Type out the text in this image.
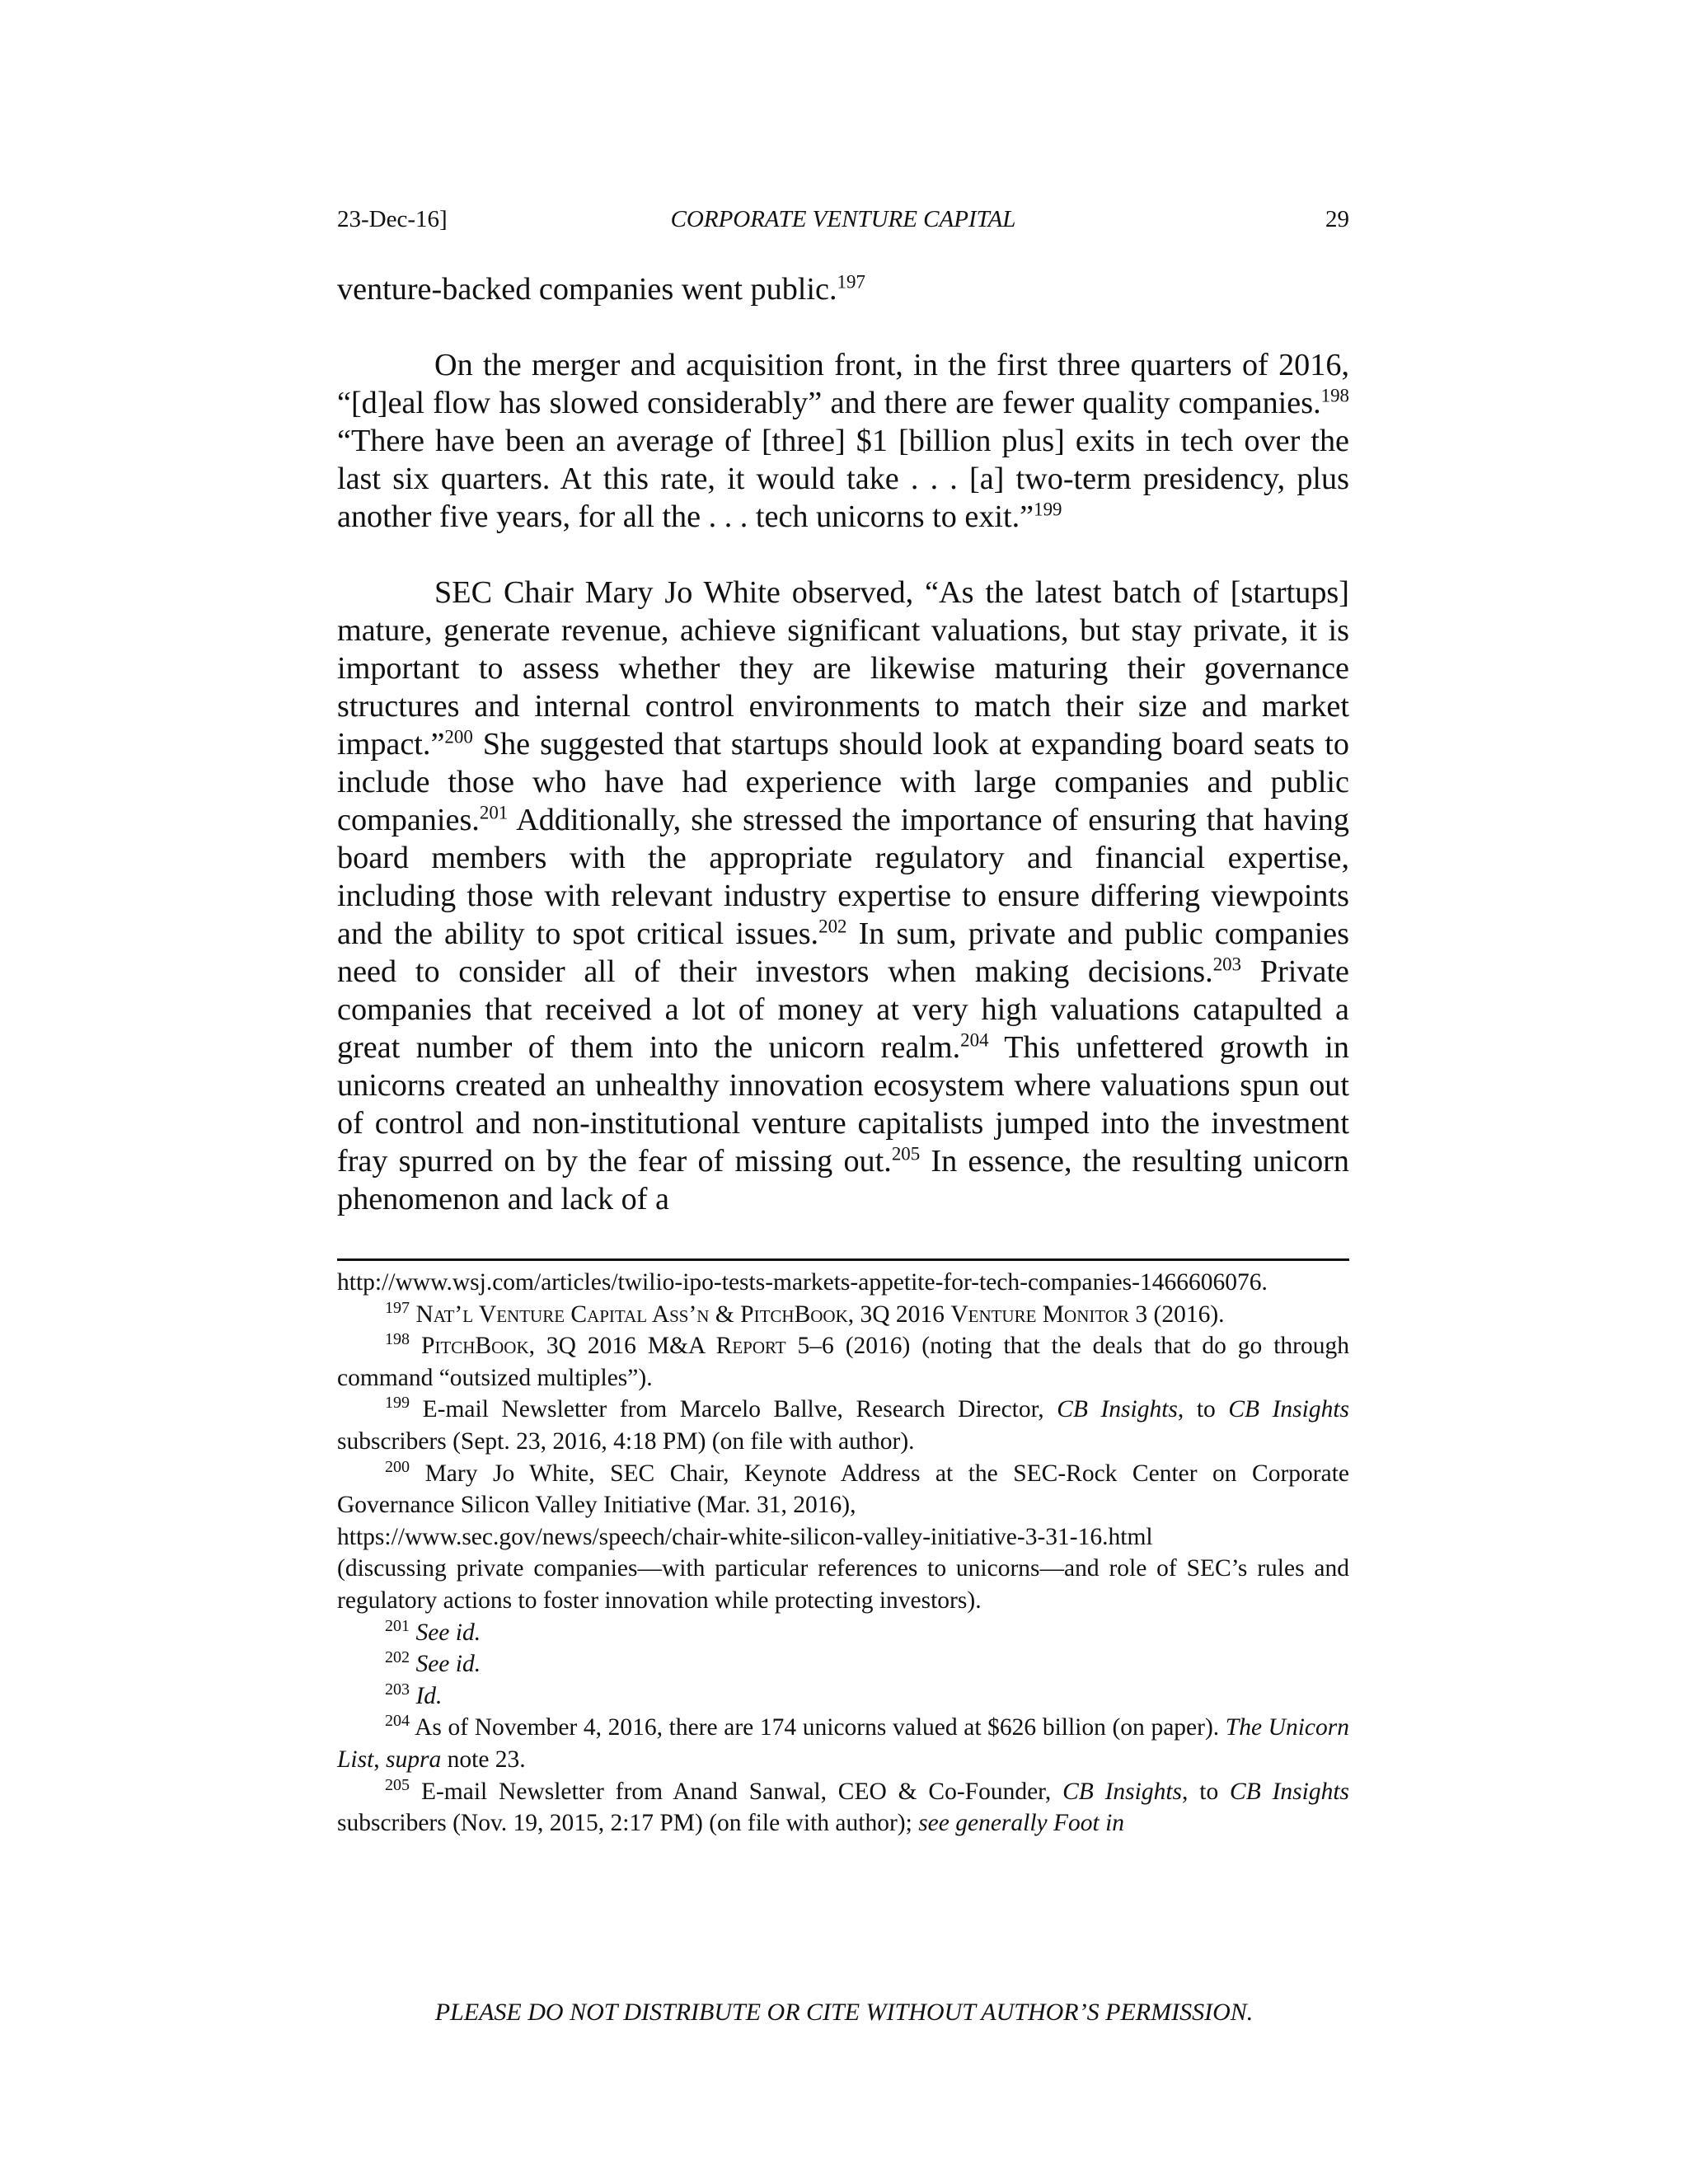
23-Dec-16]	CORPORATE VENTURE CAPITAL	29

venture-backed companies went public.$^{197}$

On the merger and acquisition front, in the first three quarters of 2016, “[d]eal flow has slowed considerably” and there are fewer quality companies.$^{198}$ “There have been an average of [three] $1 [billion plus] exits in tech over the last six quarters. At this rate, it would take . . . [a] two-term presidency, plus another five years, for all the . . . tech unicorns to exit.”$^{199}$

SEC Chair Mary Jo White observed, “As the latest batch of [startups] mature, generate revenue, achieve significant valuations, but stay private, it is important to assess whether they are likewise maturing their governance structures and internal control environments to match their size and market impact.”$^{200}$ She suggested that startups should look at expanding board seats to include those who have had experience with large companies and public companies.$^{201}$ Additionally, she stressed the importance of ensuring that having board members with the appropriate regulatory and financial expertise, including those with relevant industry expertise to ensure differing viewpoints and the ability to spot critical issues.$^{202}$ In sum, private and public companies need to consider all of their investors when making decisions.$^{203}$ Private companies that received a lot of money at very high valuations catapulted a great number of them into the unicorn realm.$^{204}$ This unfettered growth in unicorns created an unhealthy innovation ecosystem where valuations spun out of control and non-institutional venture capitalists jumped into the investment fray spurred on by the fear of missing out.$^{205}$ In essence, the resulting unicorn phenomenon and lack of a

http://www.wsj.com/articles/twilio-ipo-tests-markets-appetite-for-tech-companies-1466606076.

$^{197}$ Nat’l Venture Capital Ass’n & PitchBook, 3Q 2016 Venture Monitor 3 (2016).

$^{198}$ PitchBook, 3Q 2016 M&A Report 5–6 (2016) (noting that the deals that do go through command “outsized multiples”).

$^{199}$ E-mail Newsletter from Marcelo Ballve, Research Director, CB Insights, to CB Insights subscribers (Sept. 23, 2016, 4:18 PM) (on file with author).

$^{200}$ Mary Jo White, SEC Chair, Keynote Address at the SEC-Rock Center on Corporate Governance Silicon Valley Initiative (Mar. 31, 2016),

https://www.sec.gov/news/speech/chair-white-silicon-valley-initiative-3-31-16.html

(discussing private companies—with particular references to unicorns—and role of SEC’s rules and regulatory actions to foster innovation while protecting investors).

$^{201}$ See id.

$^{202}$ See id.

$^{203}$ Id.

$^{204}$ As of November 4, 2016, there are 174 unicorns valued at $626 billion (on paper). The Unicorn List, supra note 23.

$^{205}$ E-mail Newsletter from Anand Sanwal, CEO & Co-Founder, CB Insights, to CB Insights subscribers (Nov. 19, 2015, 2:17 PM) (on file with author); see generally Foot in

PLEASE DO NOT DISTRIBUTE OR CITE WITHOUT AUTHOR’S PERMISSION.
